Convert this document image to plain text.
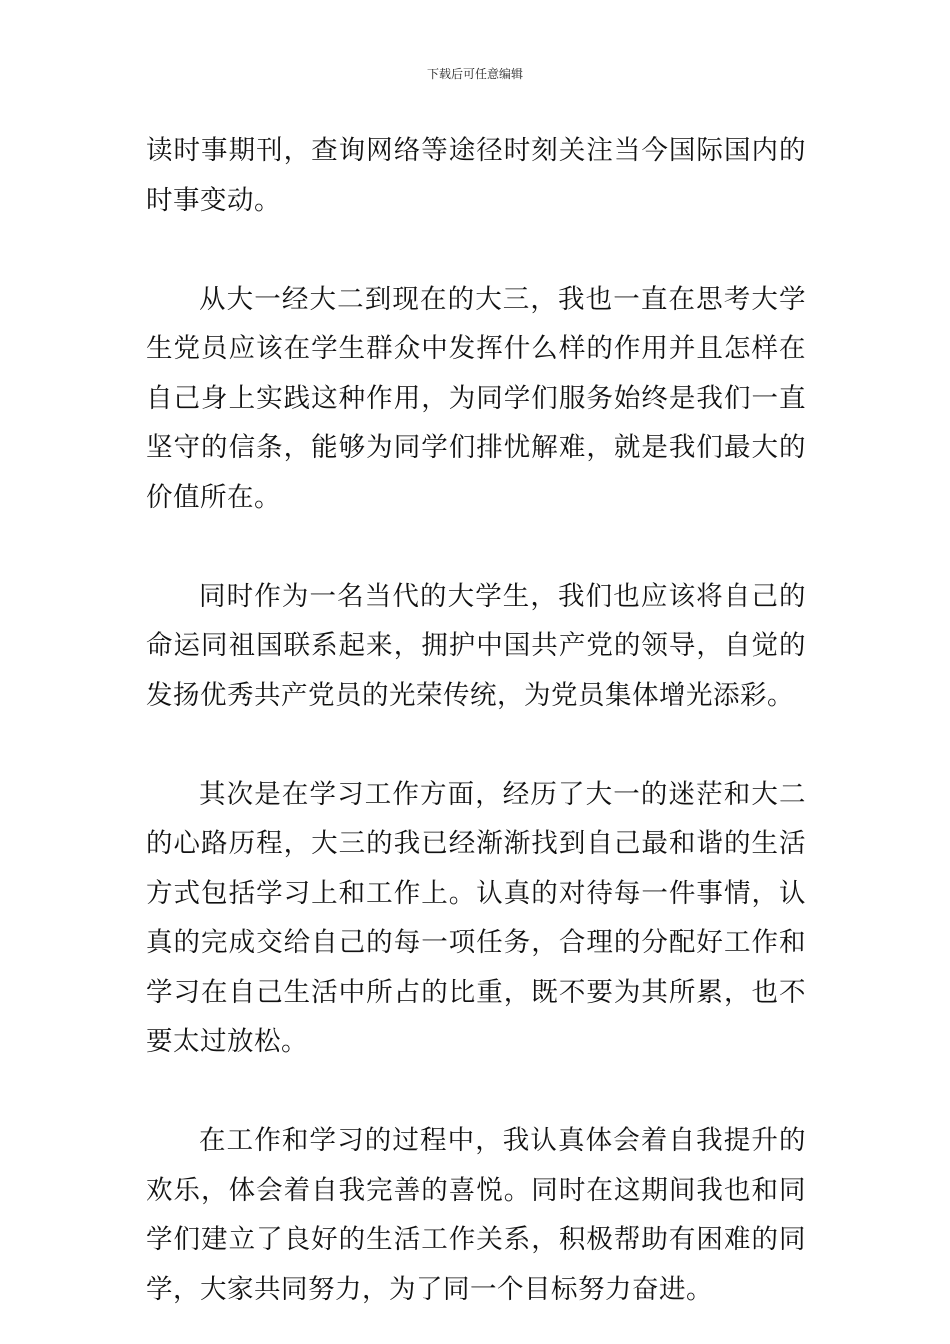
下载后可任意编辑

读时事期刊，查询网络等途径时刻关注当今国际国内的时事变动。

从大一经大二到现在的大三，我也一直在思考大学生党员应该在学生群众中发挥什么样的作用并且怎样在自己身上实践这种作用，为同学们服务始终是我们一直坚守的信条，能够为同学们排忧解难，就是我们最大的价值所在。

同时作为一名当代的大学生，我们也应该将自己的命运同祖国联系起来，拥护中国共产党的领导，自觉的发扬优秀共产党员的光荣传统，为党员集体增光添彩。

其次是在学习工作方面，经历了大一的迷茫和大二的心路历程，大三的我已经渐渐找到自己最和谐的生活方式包括学习上和工作上。认真的对待每一件事情，认真的完成交给自己的每一项任务，合理的分配好工作和学习在自己生活中所占的比重，既不要为其所累，也不要太过放松。

在工作和学习的过程中，我认真体会着自我提升的欢乐，体会着自我完善的喜悦。同时在这期间我也和同学们建立了良好的生活工作关系，积极帮助有困难的同学，大家共同努力，为了同一个目标努力奋进。
